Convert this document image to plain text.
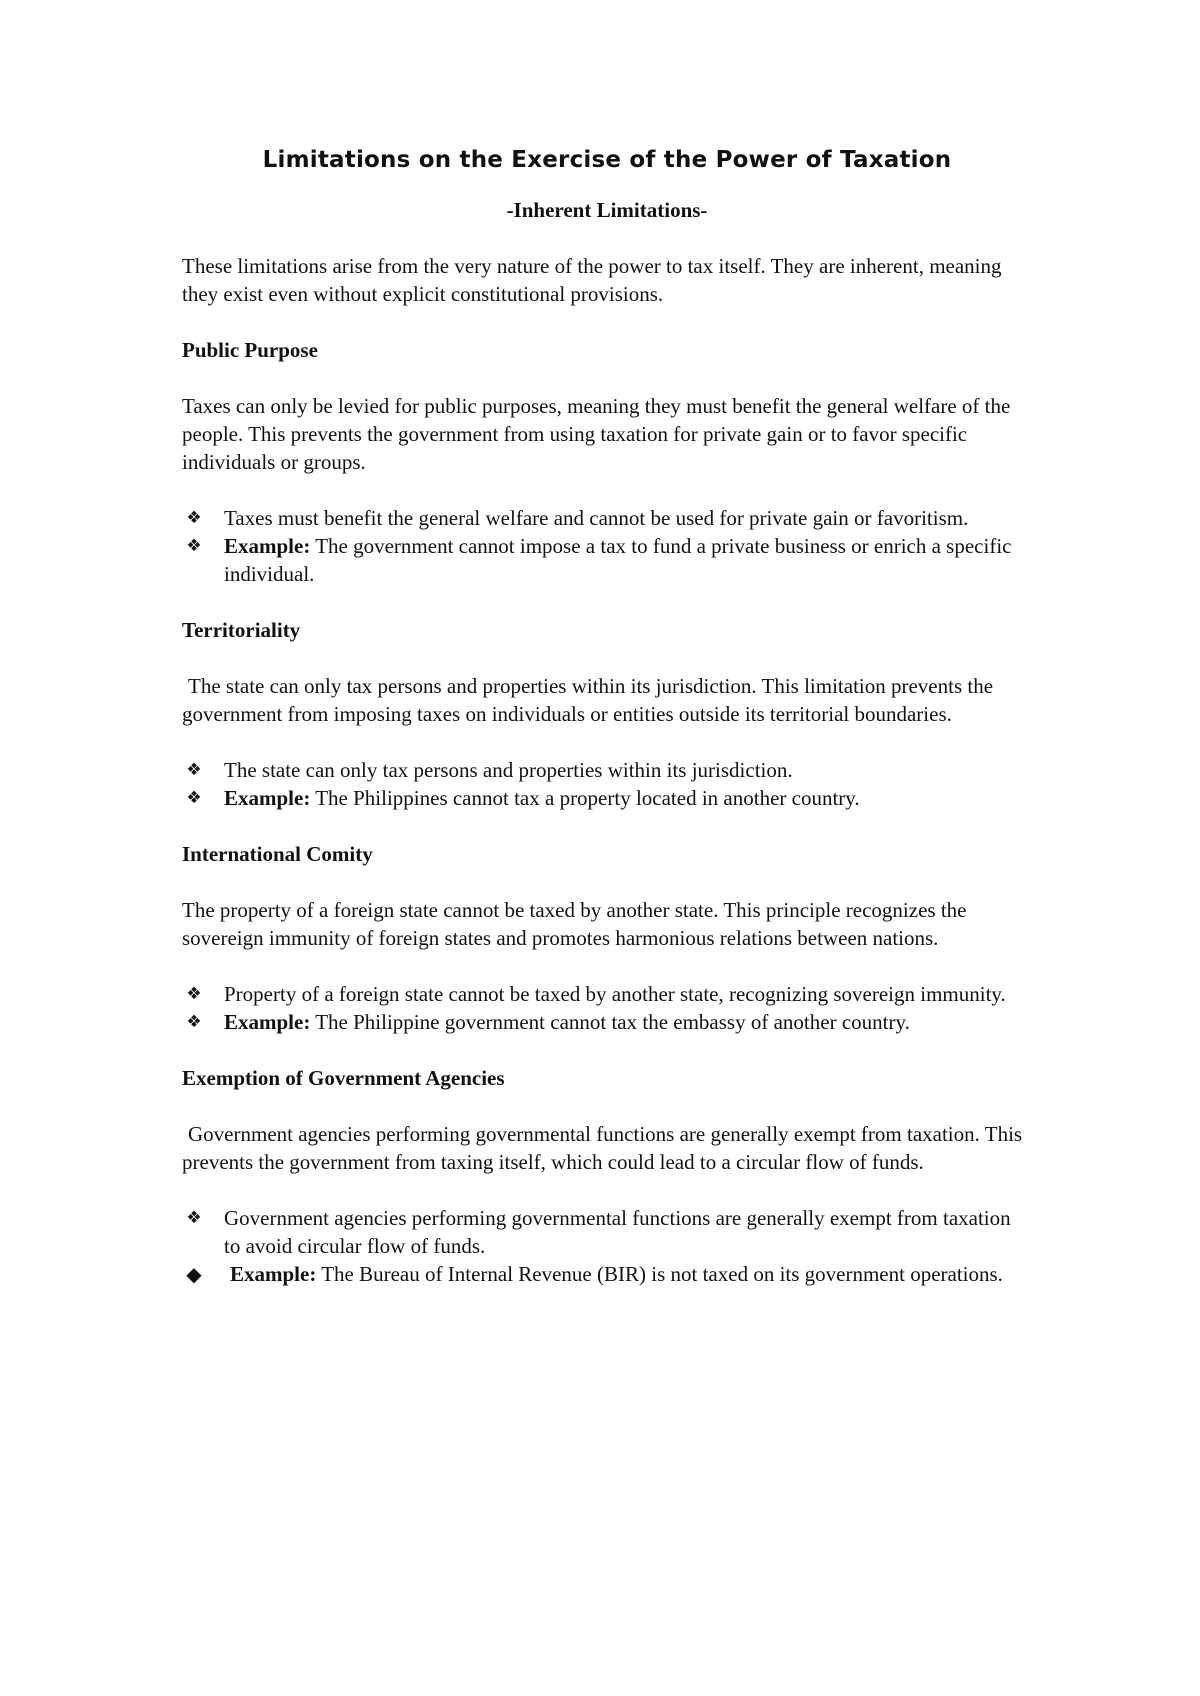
Limitations on the Exercise of the Power of Taxation

-Inherent Limitations-

These limitations arise from the very nature of the power to tax itself. They are inherent, meaning they exist even without explicit constitutional provisions.

Public Purpose

Taxes can only be levied for public purposes, meaning they must benefit the general welfare of the people. This prevents the government from using taxation for private gain or to favor specific individuals or groups.

❖ Taxes must benefit the general welfare and cannot be used for private gain or favoritism.
❖ Example: The government cannot impose a tax to fund a private business or enrich a specific individual.

Territoriality

The state can only tax persons and properties within its jurisdiction. This limitation prevents the government from imposing taxes on individuals or entities outside its territorial boundaries.

❖ The state can only tax persons and properties within its jurisdiction.
❖ Example: The Philippines cannot tax a property located in another country.

International Comity

The property of a foreign state cannot be taxed by another state. This principle recognizes the sovereign immunity of foreign states and promotes harmonious relations between nations.

❖ Property of a foreign state cannot be taxed by another state, recognizing sovereign immunity.
❖ Example: The Philippine government cannot tax the embassy of another country.

Exemption of Government Agencies

Government agencies performing governmental functions are generally exempt from taxation. This prevents the government from taxing itself, which could lead to a circular flow of funds.

❖ Government agencies performing governmental functions are generally exempt from taxation to avoid circular flow of funds.
◆ Example: The Bureau of Internal Revenue (BIR) is not taxed on its government operations.
